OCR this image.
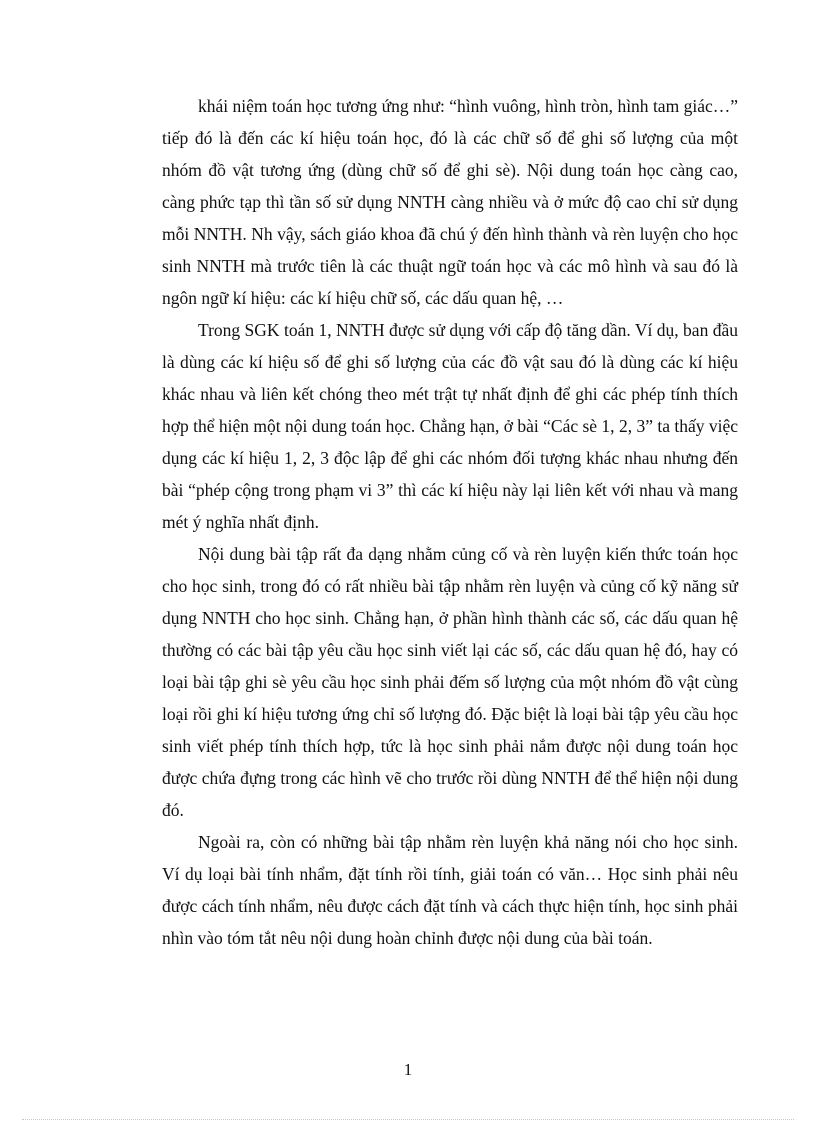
khái niệm toán học tương ứng như: “hình vuông, hình tròn, hình tam giác…” tiếp đó là đến các kí hiệu toán học, đó là các chữ số để ghi số lượng của một nhóm đồ vật tương ứng (dùng chữ số để ghi sè). Nội dung toán học càng cao, càng phức tạp thì tần số sử dụng NNTH càng nhiều và ở mức độ cao chỉ sử dụng mỗi NNTH. Nh vậy, sách giáo khoa đã chú ý đến hình thành và rèn luyện cho học sinh NNTH mà trước tiên là các thuật ngữ toán học và các mô hình và sau đó là ngôn ngữ kí hiệu: các kí hiệu chữ số, các dấu quan hệ, …

Trong SGK toán 1, NNTH được sử dụng với cấp độ tăng dần. Ví dụ, ban đầu là dùng các kí hiệu số để ghi số lượng của các đồ vật sau đó là dùng các kí hiệu khác nhau và liên kết chóng theo mét trật tự nhất định để ghi các phép tính thích hợp thể hiện một nội dung toán học. Chẳng hạn, ở bài “Các sè 1, 2, 3” ta thấy việc dụng các kí hiệu 1, 2, 3 độc lập để ghi các nhóm đối tượng khác nhau nhưng đến bài “phép cộng trong phạm vi 3” thì các kí hiệu này lại liên kết với nhau và mang mét ý nghĩa nhất định.

Nội dung bài tập rất đa dạng nhằm củng cố và rèn luyện kiến thức toán học cho học sinh, trong đó có rất nhiều bài tập nhằm rèn luyện và củng cố kỹ năng sử dụng NNTH cho học sinh. Chẳng hạn, ở phần hình thành các số, các dấu quan hệ thường có các bài tập yêu cầu học sinh viết lại các số, các dấu quan hệ đó, hay có loại bài tập ghi sè yêu cầu học sinh phải đếm số lượng của một nhóm đồ vật cùng loại rồi ghi kí hiệu tương ứng chỉ số lượng đó. Đặc biệt là loại bài tập yêu cầu học sinh viết phép tính thích hợp, tức là học sinh phải nắm được nội dung toán học được chứa đựng trong các hình vẽ cho trước rồi dùng NNTH để thể hiện nội dung đó.

Ngoài ra, còn có những bài tập nhằm rèn luyện khả năng nói cho học sinh. Ví dụ loại bài tính nhẩm, đặt tính rồi tính, giải toán có văn… Học sinh phải nêu được cách tính nhẩm, nêu được cách đặt tính và cách thực hiện tính, học sinh phải nhìn vào tóm tắt nêu nội dung hoàn chỉnh được nội dung của bài toán.

1
